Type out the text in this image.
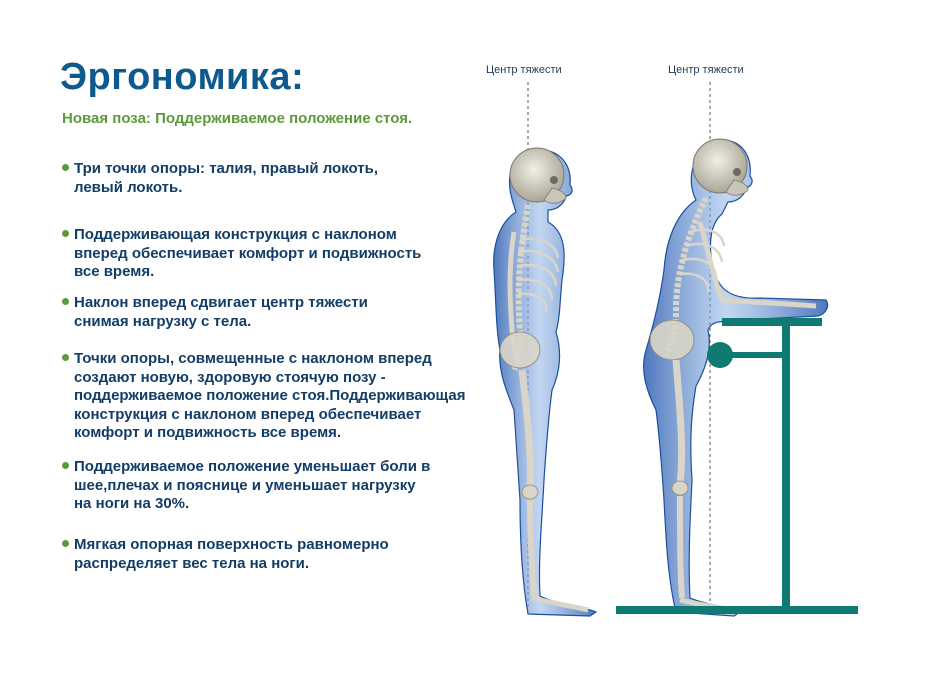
Эргономика:
Новая поза: Поддерживаемое положение стоя.
Три точки опоры: талия, правый локоть,
левый локоть.
Поддерживающая конструкция с наклоном
вперед обеспечивает комфорт и подвижность
все время.
Наклон вперед сдвигает центр тяжести
снимая нагрузку с тела.
Точки опоры, совмещенные с наклоном вперед
создают новую, здоровую стоячую позу -
поддерживаемое положение стоя.Поддерживающая
конструкция с наклоном вперед обеспечивает
комфорт и подвижность все время.
Поддерживаемое положение уменьшает боли в
шее,плечах и пояснице и уменьшает нагрузку
на ноги на 30%.
Мягкая опорная поверхность равномерно
распределяет вес тела на ноги.
Центр тяжести	Центр тяжести
